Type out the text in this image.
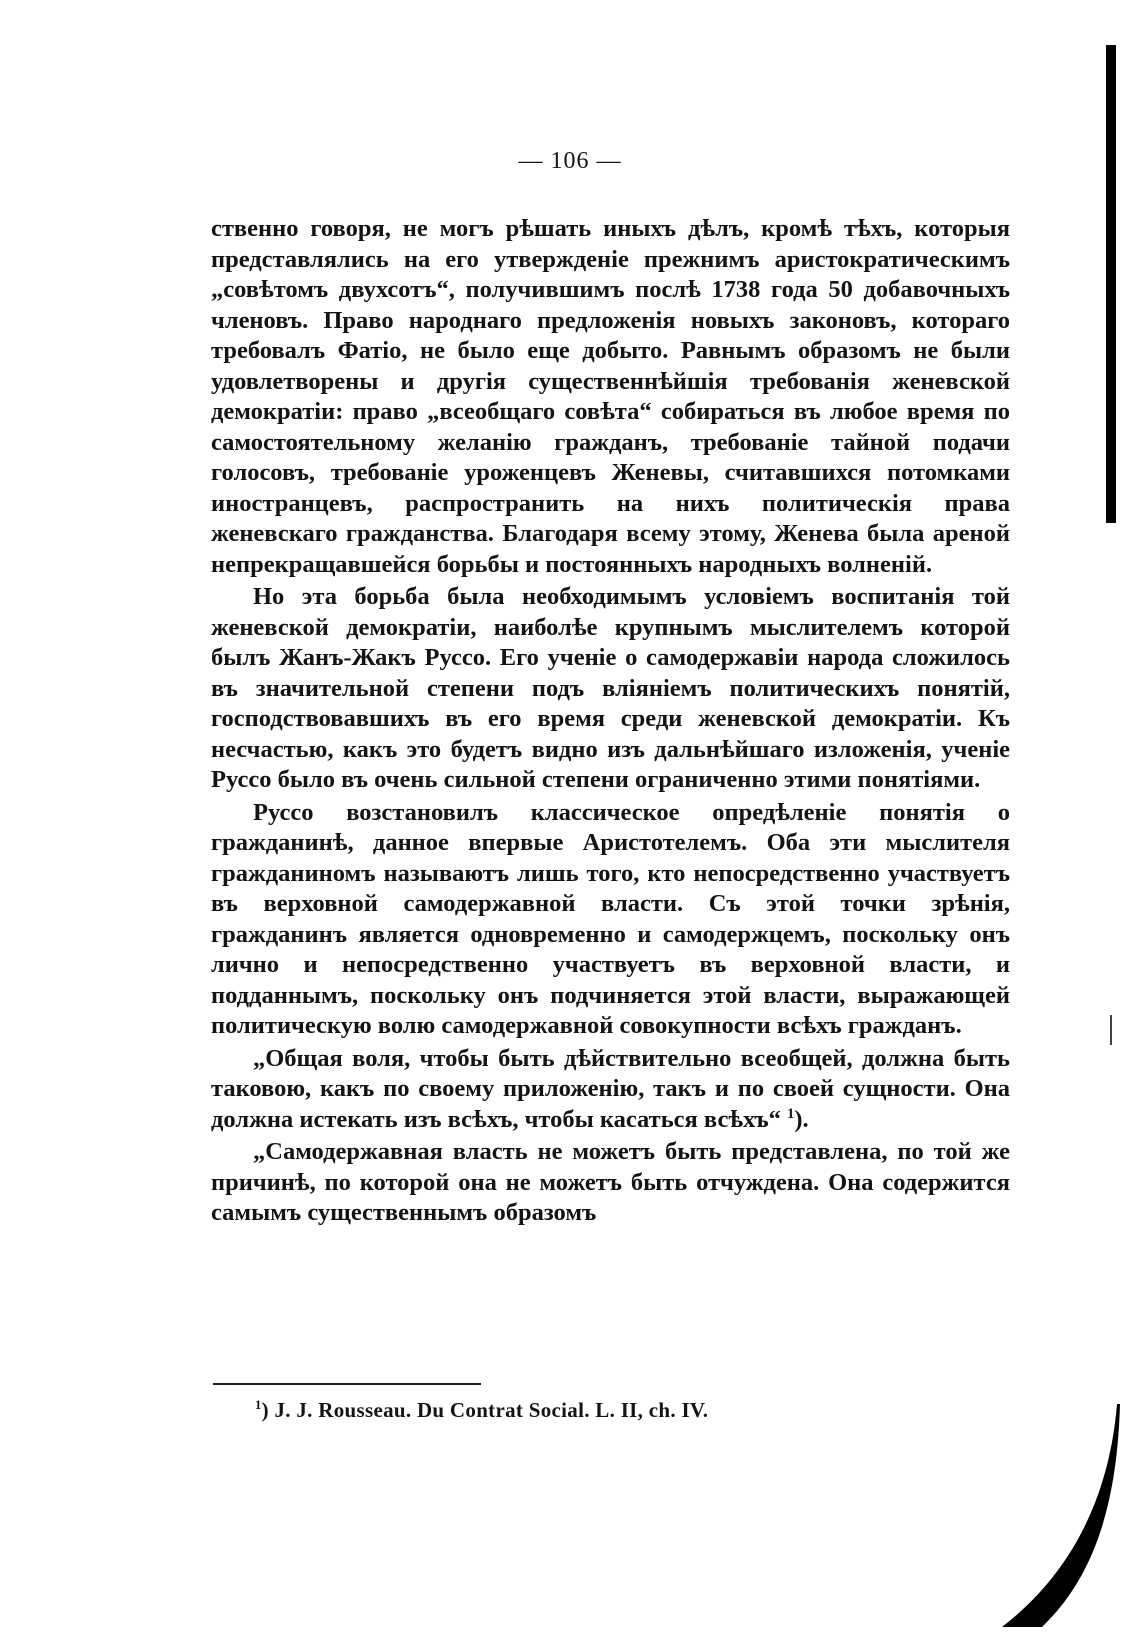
— 106 —

ственно говоря, не могъ рѣшать иныхъ дѣлъ, кромѣ тѣхъ, которыя представлялись на его утвержденіе прежнимъ аристократическимъ „совѣтомъ двухсотъ“, получившимъ послѣ 1738 года 50 добавочныхъ членовъ. Право народнаго предложенія новыхъ законовъ, котораго требовалъ Фатіо, не было еще добыто. Равнымъ образомъ не были удовлетворены и другія существеннѣйшія требованія женевской демократіи: право „всеобщаго совѣта“ собираться въ любое время по самостоятельному желанію гражданъ, требованіе тайной подачи голосовъ, требованіе уроженцевъ Женевы, считавшихся потомками иностранцевъ, распространить на нихъ политическія права женевскаго гражданства. Благодаря всему этому, Женева была ареной непрекращавшейся борьбы и постоянныхъ народныхъ волненій.

Но эта борьба была необходимымъ условіемъ воспитанія той женевской демократіи, наиболѣе крупнымъ мыслителемъ которой былъ Жанъ-Жакъ Руссо. Его ученіе о самодержавіи народа сложилось въ значительной степени подъ вліяніемъ политическихъ понятій, господствовавшихъ въ его время среди женевской демократіи. Къ несчастью, какъ это будетъ видно изъ дальнѣйшаго изложенія, ученіе Руссо было въ очень сильной степени ограниченно этими понятіями.

Руссо возстановилъ классическое опредѣленіе понятія о гражданинѣ, данное впервые Аристотелемъ. Оба эти мыслителя гражданиномъ называютъ лишь того, кто непосредственно участвуетъ въ верховной самодержавной власти. Съ этой точки зрѣнія, гражданинъ является одновременно и самодержцемъ, поскольку онъ лично и непосредственно участвуетъ въ верховной власти, и подданнымъ, поскольку онъ подчиняется этой власти, выражающей политическую волю самодержавной совокупности всѣхъ гражданъ.

„Общая воля, чтобы быть дѣйствительно всеобщей, должна быть таковою, какъ по своему приложенію, такъ и по своей сущности. Она должна истекать изъ всѣхъ, чтобы касаться всѣхъ“ $^1$).

„Самодержавная власть не можетъ быть представлена, по той же причинѣ, по которой она не можетъ быть отчуждена. Она содержится самымъ существеннымъ образомъ

$^1$) J. J. Rousseau. Du Contrat Social. L. II, ch. IV.
